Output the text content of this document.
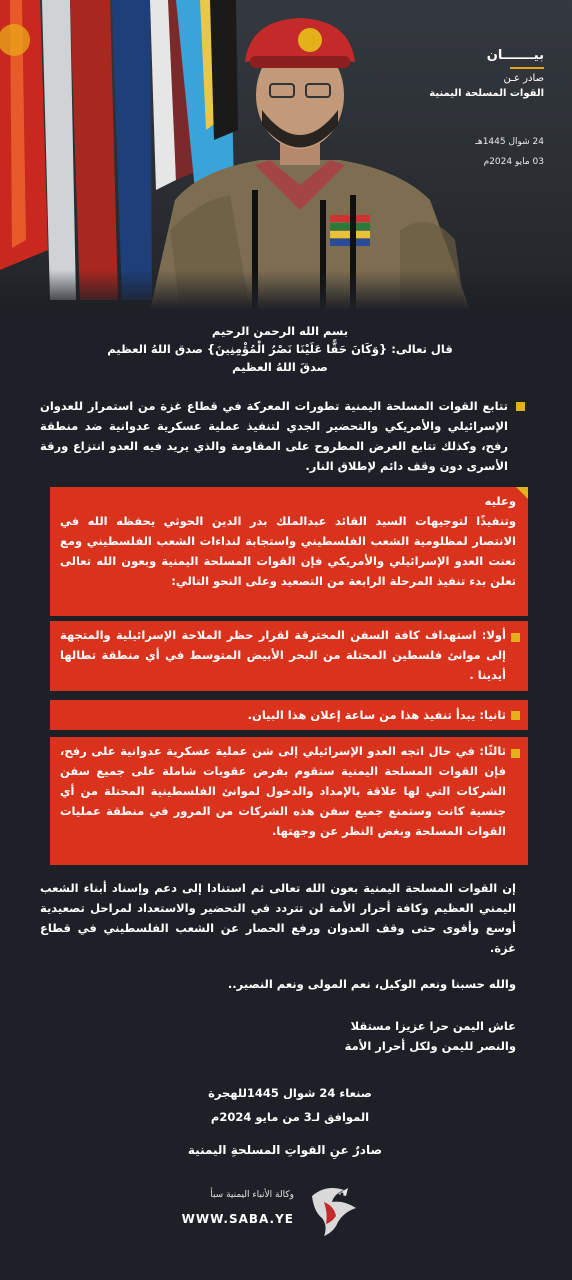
بيـــــــان
صادر عـن
القوات المسلحة اليمنية
24 شوال 1445هـ
03 مايو 2024م
بسم الله الرحمن الرحيم
قال تعالى: {وَكَانَ حَقًّا عَلَيْنَا نَصْرُ الْمُؤْمِنِينَ} صدق اللهُ العظيم
صدقَ اللهُ العظيم
تتابع القوات المسلحة اليمنية تطورات المعركة في قطاع غزة من استمرار للعدوان الإسرائيلي والأمريكي والتحضير الجدي لتنفيذ عملية عسكرية عدوانية ضد منطقة رفح، وكذلك تتابع العرض المطروح على المقاومة والذي يريد فيه العدو انتزاع ورقة الأسرى دون وقف دائم لإطلاق النار.
وعليه
وتنفيذًا لتوجيهات السيد القائد عبدالملك بدر الدين الحوثي يحفظه الله في الانتصار لمظلومية الشعب الفلسطيني واستجابة لنداءات الشعب الفلسطيني ومع تعنت العدو الإسرائيلي والأمريكي فإن القوات المسلحة اليمنية وبعون الله تعالى تعلن بدء تنفيذ المرحلة الرابعة من التصعيد وعلى النحو التالي:
أولا: استهداف كافة السفن المخترقة لقرار حظر الملاحة الإسرائيلية والمتجهة إلى موانئ فلسطين المحتلة من البحر الأبيض المتوسط في أي منطقة تطالها أيدينا .
ثانيا: يبدأ تنفيذ هذا من ساعة إعلان هذا البيان.
ثالثًا: في حال اتجه العدو الإسرائيلي إلى شن عملية عسكرية عدوانية على رفح، فإن القوات المسلحة اليمنية ستقوم بفرض عقوبات شاملة على جميع سفن الشركات التي لها علاقة بالإمداد والدخول لموانئ الفلسطينية المحتلة من أي جنسية كانت وستمنع جميع سفن هذه الشركات من المرور في منطقة عمليات القوات المسلحة وبغض النظر عن وجهتها.
إن القوات المسلحة اليمنية بعون الله تعالى ثم استنادا إلى دعم وإسناد أبناء الشعب اليمني العظيم وكافة أحرار الأمة لن تتردد في التحضير والاستعداد لمراحل تصعيدية أوسع وأقوى حتى وقف العدوان ورفع الحصار عن الشعب الفلسطيني في قطاع غزة.
والله حسبنا ونعم الوكيل، نعم المولى ونعم النصير..
عاش اليمن حرا عزيزا مستقلا
والنصر لليمن ولكل أحرار الأمة
صنعاء 24 شوال 1445للهجرة
الموافق لـ3 من مايو 2024م
صادرٌ عنِ القواتِ المسلحةِ اليمنية
وكالة الأنباء اليمنية سبأ
WWW.SABA.YE
